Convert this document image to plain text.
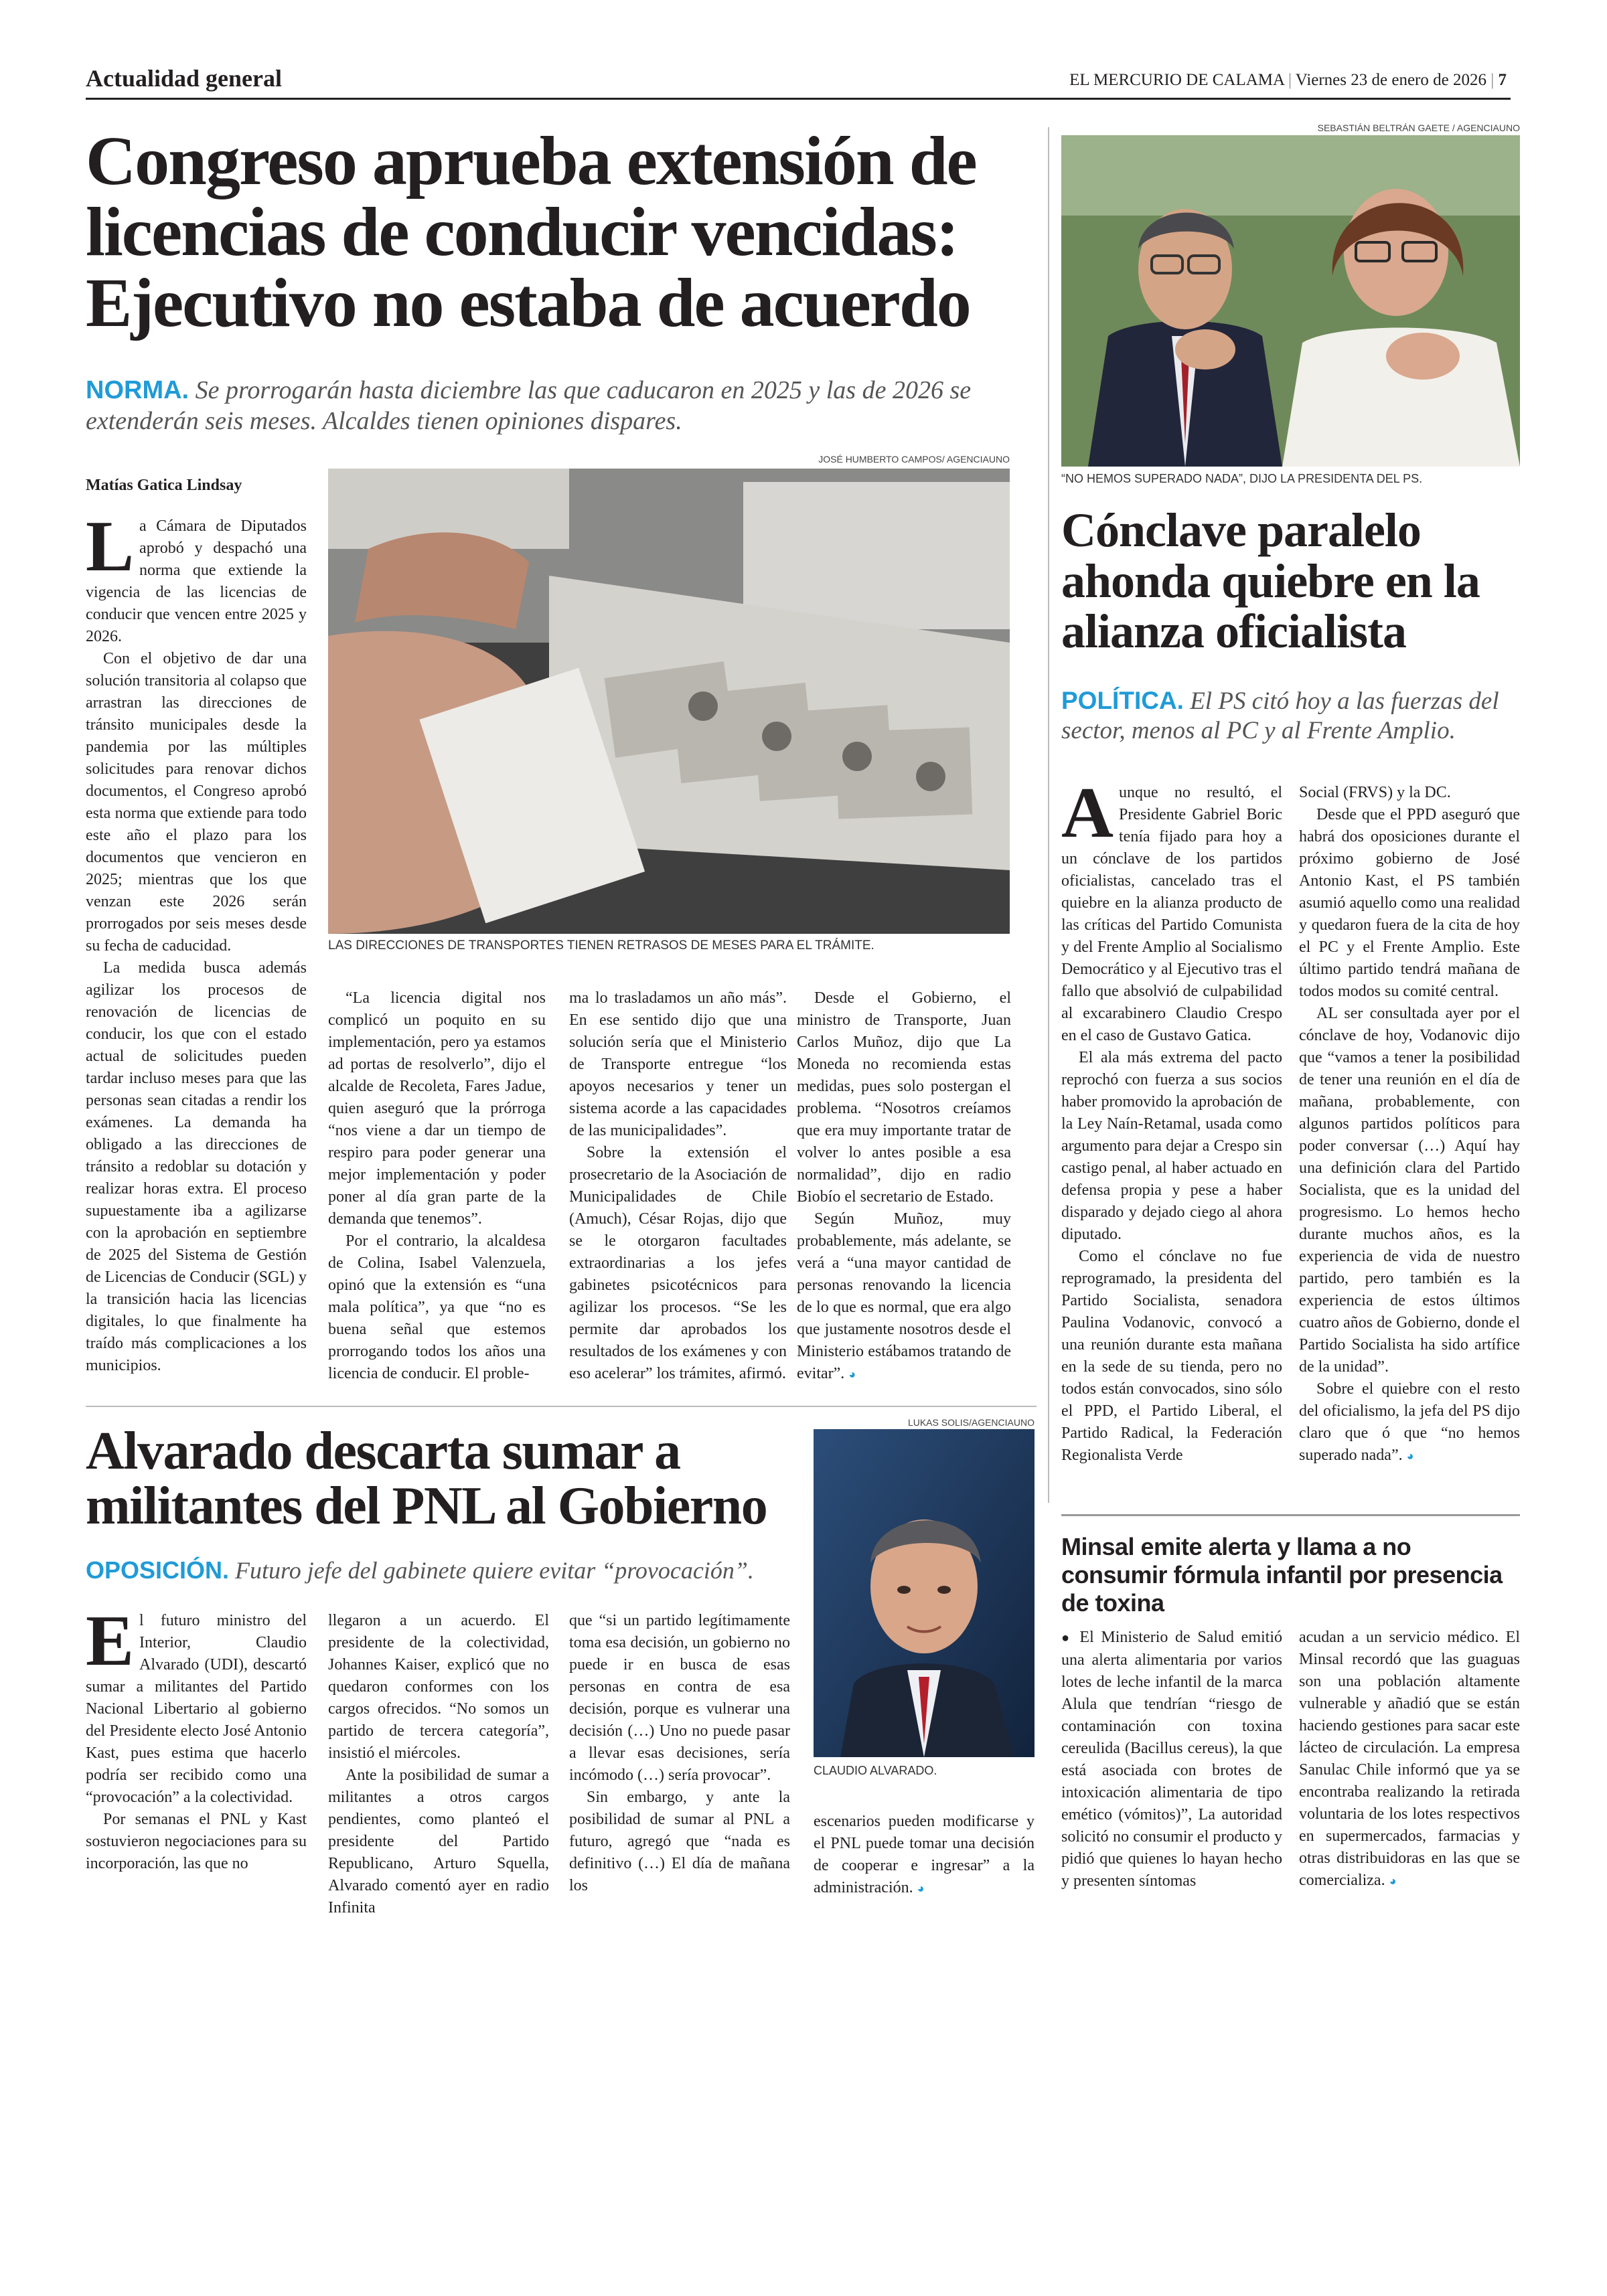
Actualidad general	EL MERCURIO DE CALAMA | Viernes 23 de enero de 2026 | 7
Congreso aprueba extensión de licencias de conducir vencidas: Ejecutivo no estaba de acuerdo

NORMA. Se prorrogarán hasta diciembre las que caducaron en 2025 y las de 2026 se extenderán seis meses. Alcaldes tienen opiniones dispares.

Matías Gatica Lindsay
JOSÉ HUMBERTO CAMPOS/ AGENCIAUNO
LAS DIRECCIONES DE TRANSPORTES TIENEN RETRASOS DE MESES PARA EL TRÁMITE.
L a Cámara de Diputados aprobó y despachó una norma que extiende la vigencia de las licencias de conducir que vencen entre 2025 y 2026.

Con el objetivo de dar una solución transitoria al colapso que arrastran las direcciones de tránsito municipales desde la pandemia por las múltiples solicitudes para renovar dichos documentos, el Congreso aprobó esta norma que extiende para todo este año el plazo para los documentos que vencieron en 2025; mientras que los que venzan este 2026 serán prorrogados por seis meses desde su fecha de caducidad.

La medida busca además agilizar los procesos de renovación de licencias de conducir, los que con el estado actual de solicitudes pueden tardar incluso meses para que las personas sean citadas a rendir los exámenes. La demanda ha obligado a las direcciones de tránsito a redoblar su dotación y realizar horas extra. El proceso supuestamente iba a agilizarse con la aprobación en septiembre de 2025 del Sistema de Gestión de Licencias de Conducir (SGL) y la transición hacia las licencias digitales, lo que finalmente ha traído más complicaciones a los municipios.

“La licencia digital nos complicó un poquito en su implementación, pero ya estamos ad portas de resolverlo”, dijo el alcalde de Recoleta, Fares Jadue, quien aseguró que la prórroga “nos viene a dar un tiempo de respiro para poder generar una mejor implementación y poder poner al día gran parte de la demanda que tenemos”.

Por el contrario, la alcaldesa de Colina, Isabel Valenzuela, opinó que la extensión es “una mala política”, ya que “no es buena señal que estemos prorrogando todos los años una licencia de conducir. El proble-

ma lo trasladamos un año más”. En ese sentido dijo que una solución sería que el Ministerio de Transporte entregue “los apoyos necesarios y tener un sistema acorde a las capacidades de las municipalidades”.

Sobre la extensión el prosecretario de la Asociación de Municipalidades de Chile (Amuch), César Rojas, dijo que se le otorgaron facultades extraordinarias a los jefes gabinetes psicotécnicos para agilizar los procesos. “Se les permite dar aprobados los resultados de los exámenes y con eso acelerar” los trámites, afirmó.

Desde el Gobierno, el ministro de Transporte, Juan Carlos Muñoz, dijo que La Moneda no recomienda estas medidas, pues solo postergan el problema. “Nosotros creíamos que era muy importante tratar de volver lo antes posible a esa normalidad”, dijo en radio Biobío el secretario de Estado.

Según Muñoz, muy probablemente, más adelante, se verá a “una mayor cantidad de personas renovando la licencia de lo que es normal, que era algo que justamente nosotros desde el Ministerio estábamos tratando de evitar”. ◕

Alvarado descarta sumar a militantes del PNL al Gobierno

OPOSICIÓN. Futuro jefe del gabinete quiere evitar “provocación”.

LUKAS SOLIS/AGENCIAUNO
CLAUDIO ALVARADO.
E l futuro ministro del Interior, Claudio Alvarado (UDI), descartó sumar a militantes del Partido Nacional Libertario al gobierno del Presidente electo José Antonio Kast, pues estima que hacerlo podría ser recibido como una “provocación” a la colectividad.

Por semanas el PNL y Kast sostuvieron negociaciones para su incorporación, las que no

llegaron a un acuerdo. El presidente de la colectividad, Johannes Kaiser, explicó que no quedaron conformes con los cargos ofrecidos. “No somos un partido de tercera categoría”, insistió el miércoles.

Ante la posibilidad de sumar a militantes a otros cargos pendientes, como planteó el presidente del Partido Republicano, Arturo Squella, Alvarado comentó ayer en radio Infinita

que “si un partido legítimamente toma esa decisión, un gobierno no puede ir en busca de esas personas en contra de esa decisión, porque es vulnerar una decisión (…) Uno no puede pasar a llevar esas decisiones, sería incómodo (…) sería provocar”.

Sin embargo, y ante la posibilidad de sumar al PNL a futuro, agregó que “nada es definitivo (…) El día de mañana los

escenarios pueden modificarse y el PNL puede tomar una decisión de cooperar e ingresar” a la administración. ◕

SEBASTIÁN BELTRÁN GAETE / AGENCIAUNO
“NO HEMOS SUPERADO NADA”, DIJO LA PRESIDENTA DEL PS.
Cónclave paralelo ahonda quiebre en la alianza oficialista

POLÍTICA. El PS citó hoy a las fuerzas del sector, menos al PC y al Frente Amplio.

A unque no resultó, el Presidente Gabriel Boric tenía fijado para hoy a un cónclave de los partidos oficialistas, cancelado tras el quiebre en la alianza producto de las críticas del Partido Comunista y del Frente Amplio al Socialismo Democrático y al Ejecutivo tras el fallo que absolvió de culpabilidad al excarabinero Claudio Crespo en el caso de Gustavo Gatica.

El ala más extrema del pacto reprochó con fuerza a sus socios haber promovido la aprobación de la Ley Naín-Retamal, usada como argumento para dejar a Crespo sin castigo penal, al haber actuado en defensa propia y pese a haber disparado y dejado ciego al ahora diputado.

Como el cónclave no fue reprogramado, la presidenta del Partido Socialista, senadora Paulina Vodanovic, convocó a una reunión durante esta mañana en la sede de su tienda, pero no todos están convocados, sino sólo el PPD, el Partido Liberal, el Partido Radical, la Federación Regionalista Verde

Social (FRVS) y la DC.

Desde que el PPD aseguró que habrá dos oposiciones durante el próximo gobierno de José Antonio Kast, el PS también asumió aquello como una realidad y quedaron fuera de la cita de hoy el PC y el Frente Amplio. Este último partido tendrá mañana de todos modos su comité central.

AL ser consultada ayer por el cónclave de hoy, Vodanovic dijo que “vamos a tener la posibilidad de tener una reunión en el día de mañana, probablemente, con algunos partidos políticos para poder conversar (…) Aquí hay una definición clara del Partido Socialista, que es la unidad del progresismo. Lo hemos hecho durante muchos años, es la experiencia de vida de nuestro partido, pero también es la experiencia de estos últimos cuatro años de Gobierno, donde el Partido Socialista ha sido artífice de la unidad”.

Sobre el quiebre con el resto del oficialismo, la jefa del PS dijo claro que ó que “no hemos superado nada”. ◕

Minsal emite alerta y llama a no consumir fórmula infantil por presencia de toxina

● El Ministerio de Salud emitió una alerta alimentaria por varios lotes de leche infantil de la marca Alula que tendrían “riesgo de contaminación con toxina cereulida (Bacillus cereus), la que está asociada con brotes de intoxicación alimentaria de tipo emético (vómitos)”, La autoridad solicitó no consumir el producto y pidió que quienes lo hayan hecho y presenten síntomas

acudan a un servicio médico. El Minsal recordó que las guaguas son una población altamente vulnerable y añadió que se están haciendo gestiones para sacar este lácteo de circulación. La empresa Sanulac Chile informó que ya se encontraba realizando la retirada voluntaria de los lotes respectivos en supermercados, farmacias y otras distribuidoras en las que se comercializa. ◕
